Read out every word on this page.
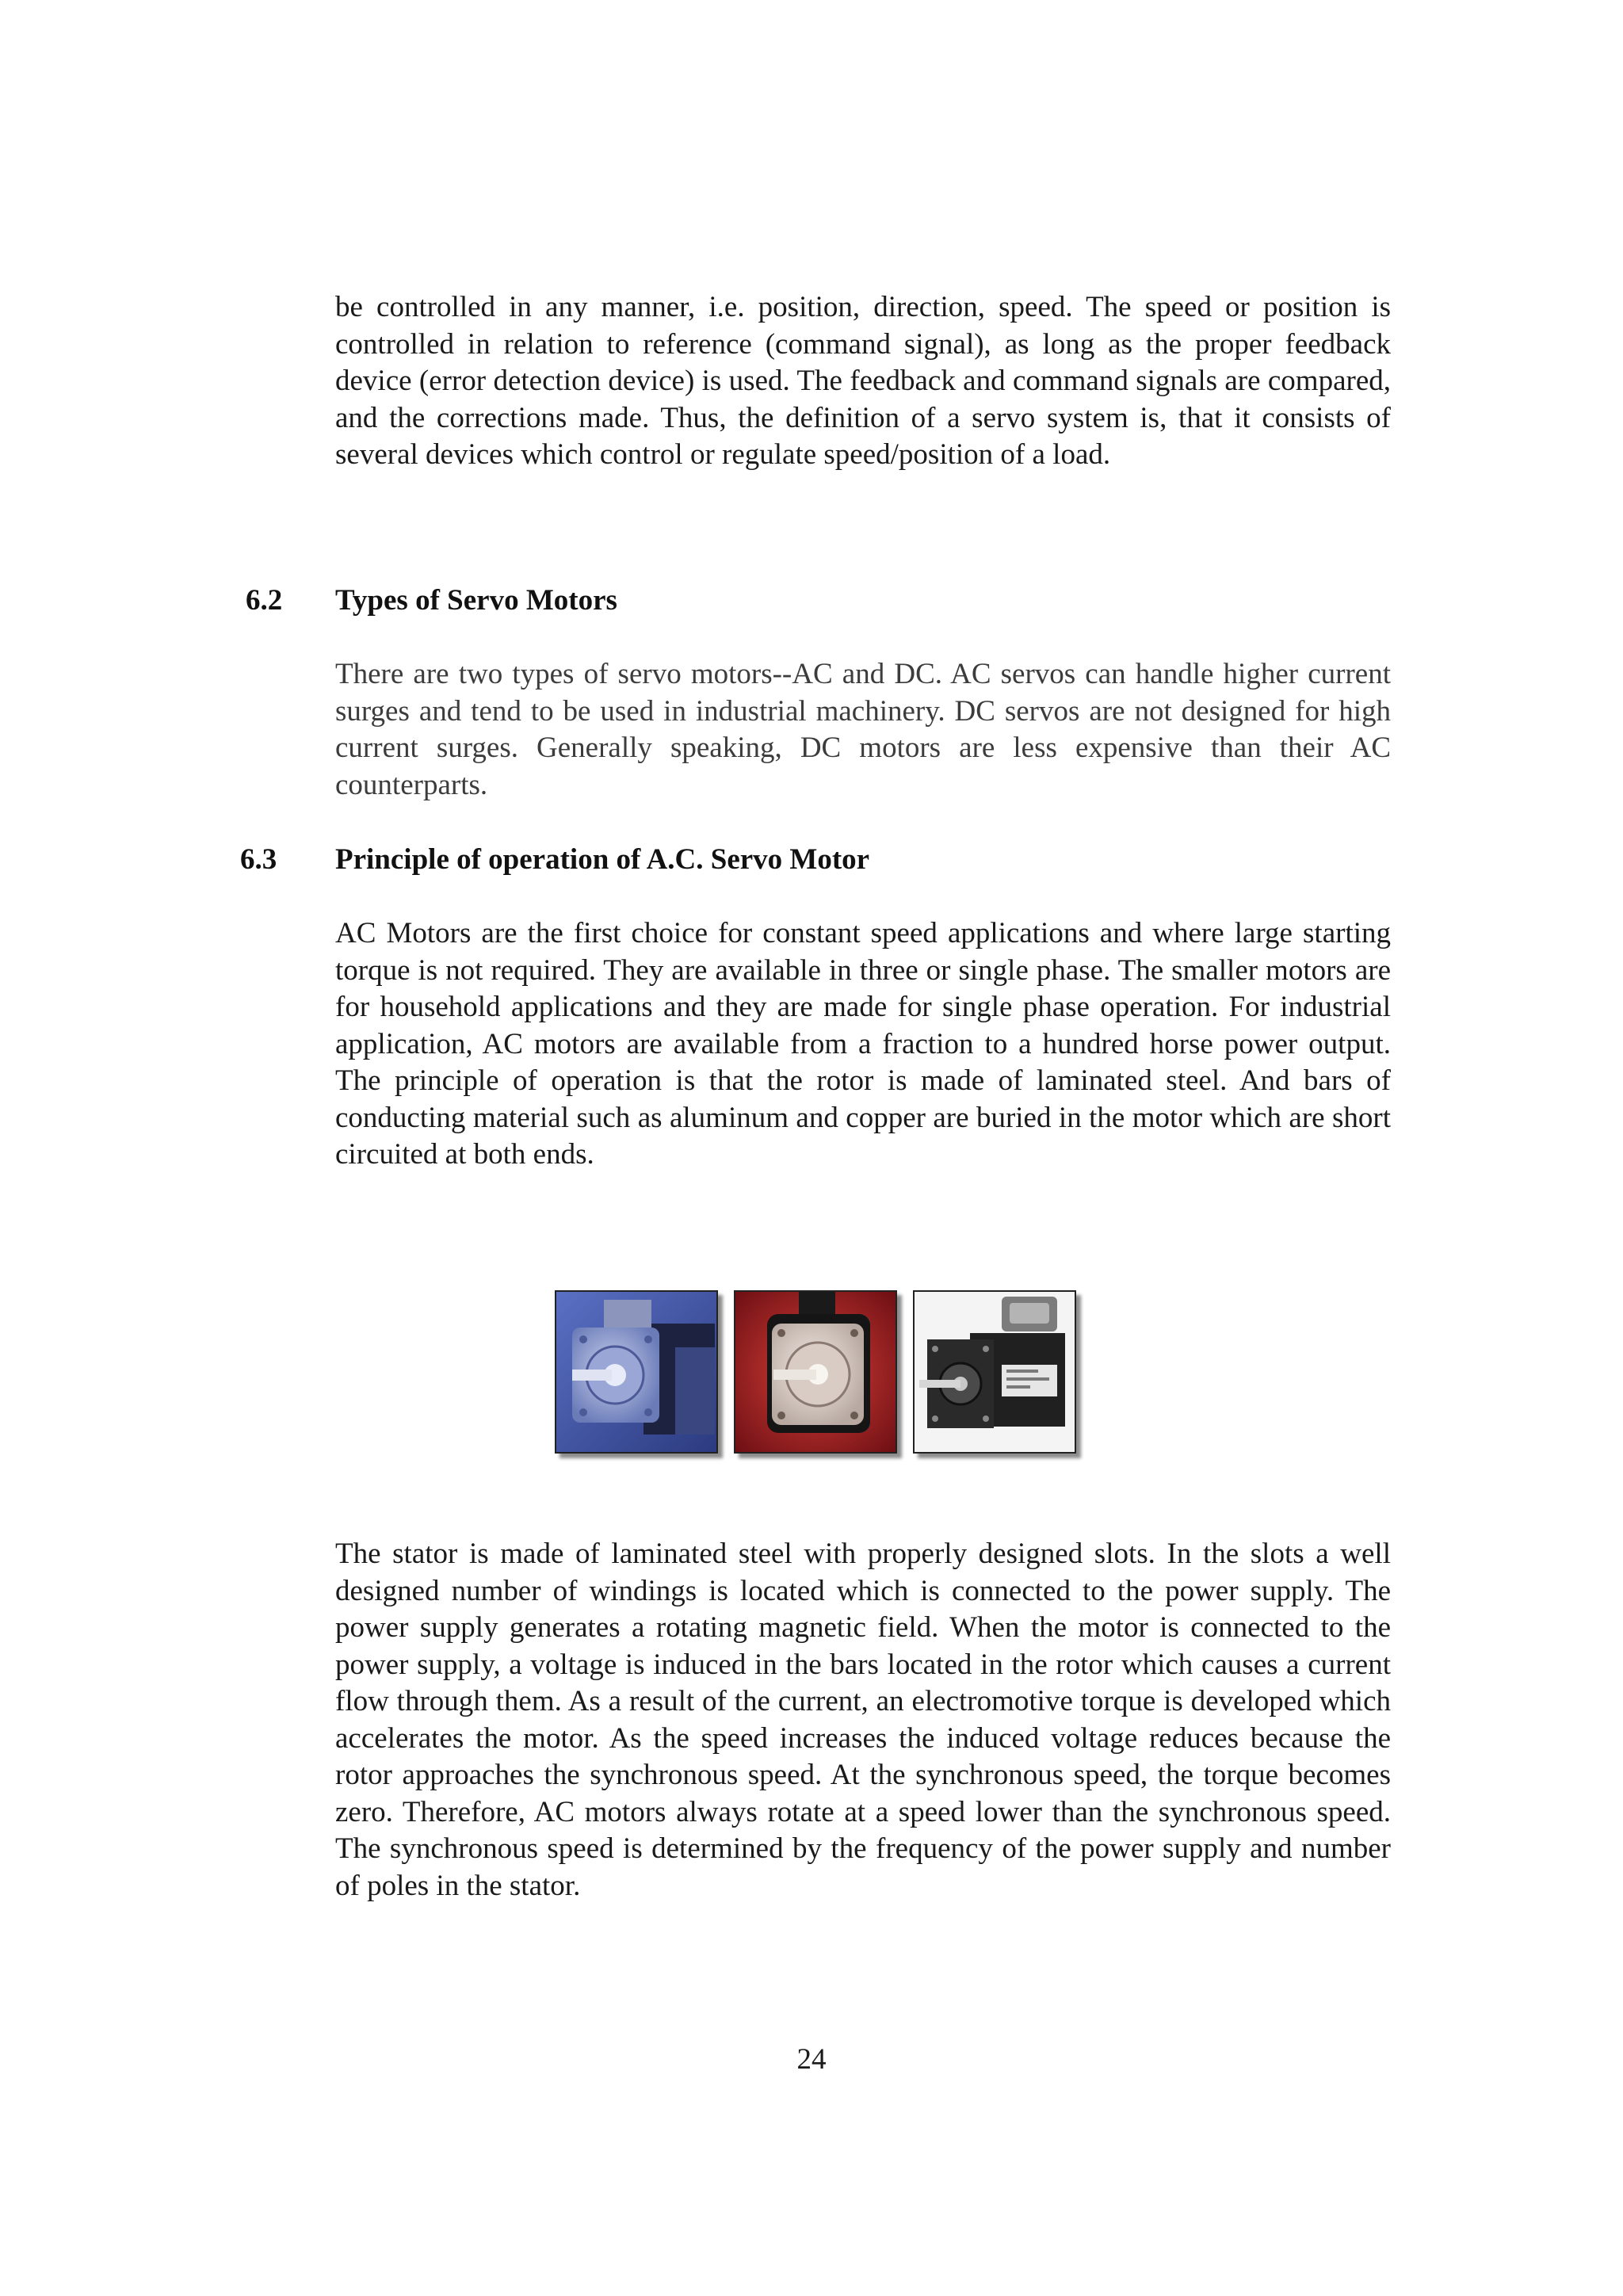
be controlled in any manner, i.e. position, direction, speed. The speed or position is controlled in relation to reference (command signal), as long as the proper feedback device (error detection device) is used. The feedback and command signals are compared, and the corrections made. Thus, the definition of a servo system is, that it consists of several devices which control or regulate speed/position of a load.

6.2 Types of Servo Motors

There are two types of servo motors--AC and DC. AC servos can handle higher current surges and tend to be used in industrial machinery. DC servos are not designed for high current surges. Generally speaking, DC motors are less expensive than their AC counterparts.

6.3 Principle of operation of A.C. Servo Motor

AC Motors are the first choice for constant speed applications and where large starting torque is not required. They are available in three or single phase. The smaller motors are for household applications and they are made for single phase operation. For industrial application, AC motors are available from a fraction to a hundred horse power output. The principle of operation is that the rotor is made of laminated steel. And bars of conducting material such as aluminum and copper are buried in the motor which are short circuited at both ends.

The stator is made of laminated steel with properly designed slots. In the slots a well designed number of windings is located which is connected to the power supply. The power supply generates a rotating magnetic field. When the motor is connected to the power supply, a voltage is induced in the bars located in the rotor which causes a current flow through them. As a result of the current, an electromotive torque is developed which accelerates the motor. As the speed increases the induced voltage reduces because the rotor approaches the synchronous speed. At the synchronous speed, the torque becomes zero. Therefore, AC motors always rotate at a speed lower than the synchronous speed. The synchronous speed is determined by the frequency of the power supply and number of poles in the stator.

24
